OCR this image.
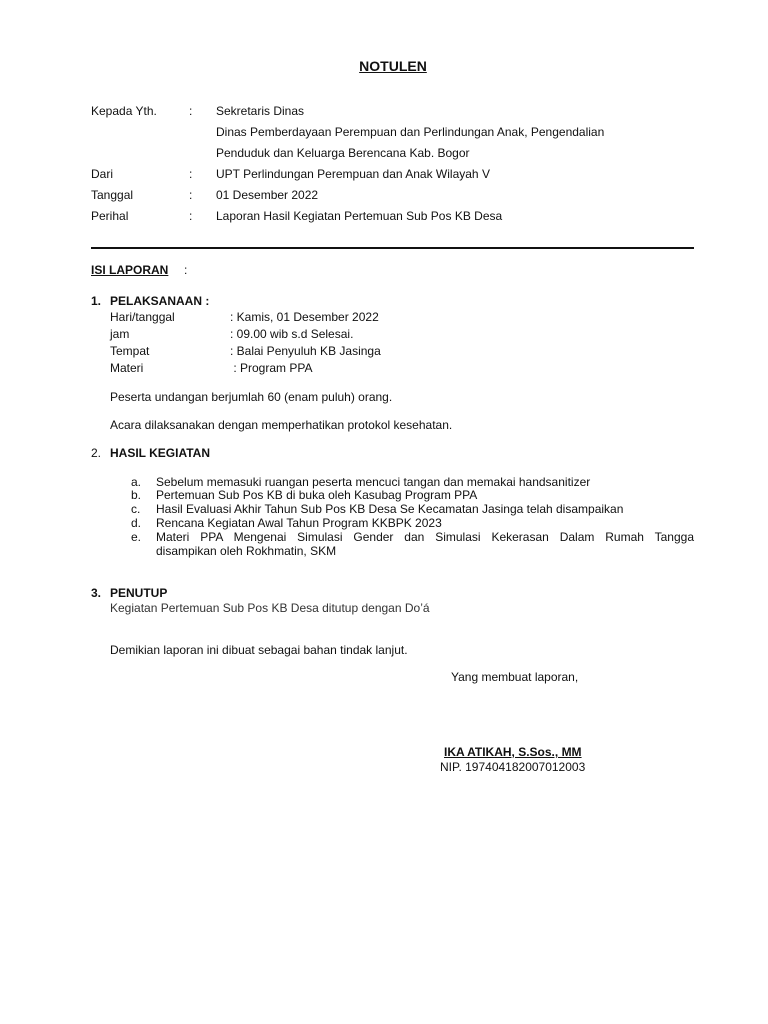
NOTULEN
Kepada Yth.	: Sekretaris Dinas
Dinas Pemberdayaan Perempuan dan Perlindungan Anak, Pengendalian
Penduduk dan Keluarga Berencana Kab. Bogor
Dari	: UPT Perlindungan Perempuan dan Anak Wilayah V
Tanggal	: 01 Desember 2022
Perihal	: Laporan Hasil Kegiatan Pertemuan Sub Pos KB Desa
ISI LAPORAN :
1. PELAKSANAAN :
Hari/tanggal	: Kamis, 01 Desember 2022
jam	: 09.00 wib s.d Selesai.
Tempat	: Balai Penyuluh KB Jasinga
Materi	: Program PPA
Peserta undangan berjumlah 60 (enam puluh) orang.
Acara dilaksanakan dengan memperhatikan protokol kesehatan.
2. HASIL KEGIATAN
a. Sebelum memasuki ruangan peserta mencuci tangan dan memakai handsanitizer
b. Pertemuan Sub Pos KB di buka oleh Kasubag Program PPA
c. Hasil Evaluasi Akhir Tahun Sub Pos KB Desa Se Kecamatan Jasinga telah disampaikan
d. Rencana Kegiatan Awal Tahun Program KKBPK 2023
e. Materi PPA Mengenai Simulasi Gender dan Simulasi Kekerasan Dalam Rumah Tangga
disampikan oleh Rokhmatin, SKM
3. PENUTUP
Kegiatan Pertemuan Sub Pos KB Desa ditutup dengan Do’á
Demikian laporan ini dibuat sebagai bahan tindak lanjut.
Yang membuat laporan,
IKA ATIKAH, S.Sos., MM
NIP. 197404182007012003
